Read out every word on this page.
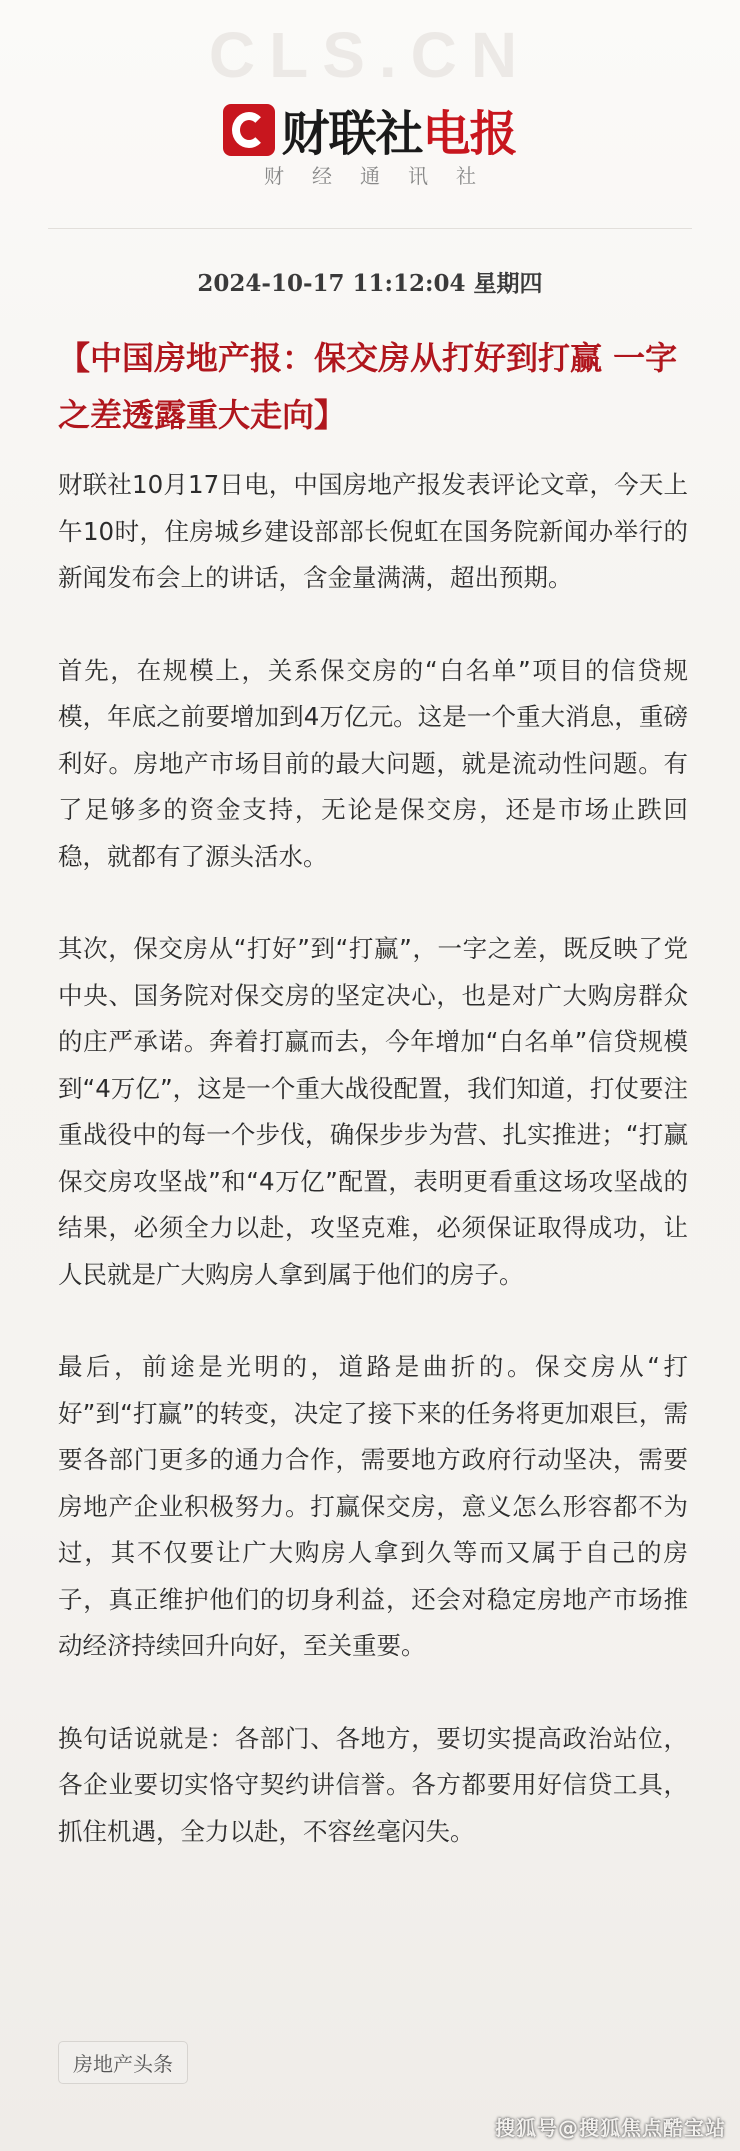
CLS.CN
财联社电报
财经通讯社
2024-10-17 11:12:04 星期四
【中国房地产报：保交房从打好到打赢 一字之差透露重大走向】

财联社10月17日电，中国房地产报发表评论文章，今天上午10时，住房城乡建设部部长倪虹在国务院新闻办举行的新闻发布会上的讲话，含金量满满，超出预期。

首先，在规模上，关系保交房的“白名单”项目的信贷规模，年底之前要增加到4万亿元。这是一个重大消息，重磅利好。房地产市场目前的最大问题，就是流动性问题。有了足够多的资金支持，无论是保交房，还是市场止跌回稳，就都有了源头活水。

其次，保交房从“打好”到“打赢”，一字之差，既反映了党中央、国务院对保交房的坚定决心，也是对广大购房群众的庄严承诺。奔着打赢而去，今年增加“白名单”信贷规模到“4万亿”，这是一个重大战役配置，我们知道，打仗要注重战役中的每一个步伐，确保步步为营、扎实推进；“打赢保交房攻坚战”和“4万亿”配置，表明更看重这场攻坚战的结果，必须全力以赴，攻坚克难，必须保证取得成功，让人民就是广大购房人拿到属于他们的房子。

最后，前途是光明的，道路是曲折的。保交房从“打好”到“打赢”的转变，决定了接下来的任务将更加艰巨，需要各部门更多的通力合作，需要地方政府行动坚决，需要房地产企业积极努力。打赢保交房，意义怎么形容都不为过，其不仅要让广大购房人拿到久等而又属于自己的房子，真正维护他们的切身利益，还会对稳定房地产市场推动经济持续回升向好，至关重要。

换句话说就是：各部门、各地方，要切实提高政治站位，各企业要切实恪守契约讲信誉。各方都要用好信贷工具，抓住机遇，全力以赴，不容丝毫闪失。

房地产头条
搜狐号@搜狐焦点酷宝站
